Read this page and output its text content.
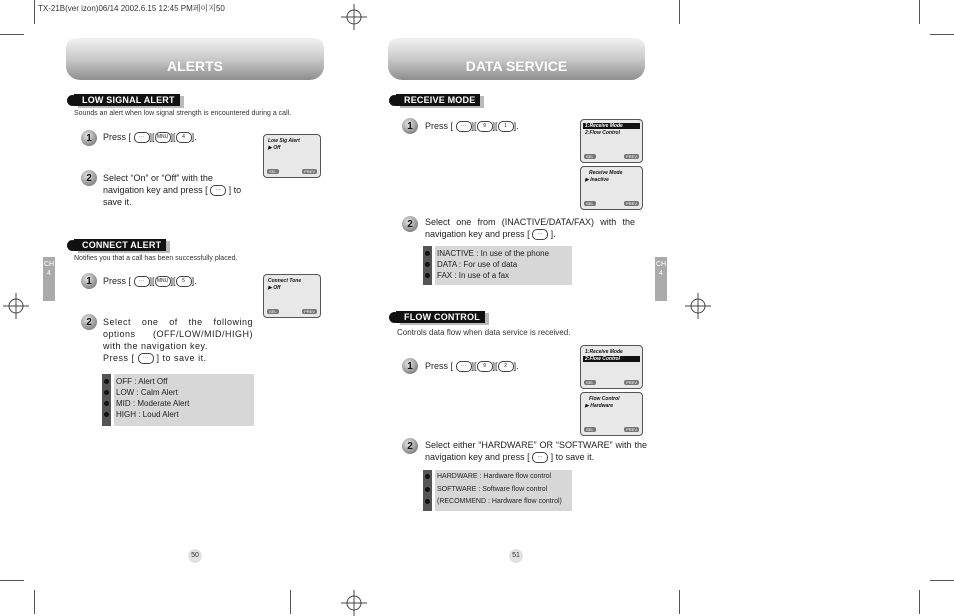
TX-21B(ver izon)06/14 2002.6.15 12:45 PM페이지50
ALERTS
CH 4
LOW SIGNAL ALERT
Sounds an alert when low signal strength is encountered during a call.
1	Press [ ··· ][ MNU ][ 4 ].	Low Sig Alert
▶ Off
SEL	PREV
2	Select “On” or “Off” with the navigation key and press [ ··· ] to save it.
CONNECT ALERT
Notifies you that a call has been successfully placed.
1	Press [ ··· ][ MNU ][ 5 ].	Connect Tone
▶ Off
SEL	PREV
2	Select one of the following options (OFF/LOW/MID/HIGH) with the navigation key.
Press [ ··· ] to save it.
OFF : Alert Off
LOW : Calm Alert
MID : Moderate Alert
HIGH : Loud Alert
50
DATA SERVICE
CH 4
RECEIVE MODE
1	Press [ ··· ][ 9 ][ 1 ].	1:Receive Mode
2:Flow Control
SEL	PREV
Receive Mode
▶ Inactive
SEL	PREV
2	Select one from (INACTIVE/DATA/FAX) with the navigation key and press [ ··· ].
INACTIVE : In use of the phone
DATA : For use of data
FAX : In use of a fax
FLOW CONTROL
Controls data flow when data service is received.
1	Press [ ··· ][ 9 ][ 2 ].
1:Receive Mode
2:Flow Control
SEL	PREV
Flow Control
▶ Hardware
SEL	PREV
2	Select either “HARDWARE” OR “SOFTWARE” with the navigation key and press [ ··· ] to save it.
HARDWARE : Hardware flow control
SOFTWARE : Software flow control
(RECOMMEND : Hardware flow control)
51
